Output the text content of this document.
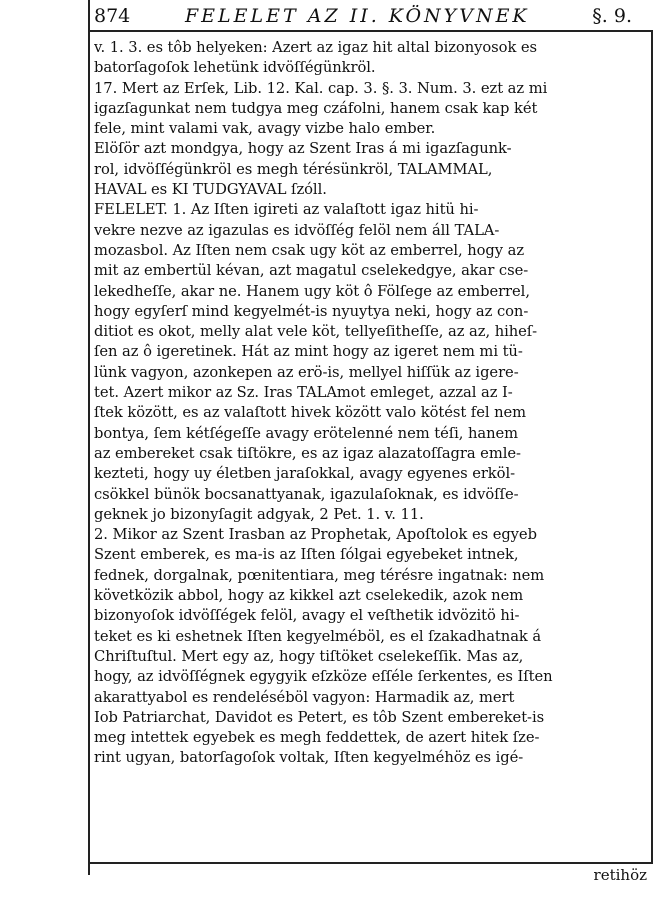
874	FELELET AZ II. KÖNYVNEK	§. 9.
v. 1. 3. es tôb helyeken: Azert az igaz hit altal bizonyosok es
batorſagoſok lehetünk idvöſſégünkröl.
17. Mert az Erſek, Lib. 12. Kal. cap. 3. §. 3. Num. 3. ezt az mi
igazſagunkat nem tudgya meg czáfolni, hanem csak kap két
fele, mint valami vak, avagy vizbe halo ember.
Elöſör azt mondgya, hogy az Szent Iras á mi igazſagunk-
rol, idvöſſégünkröl es megh térésünkröl, TALAMMAL,
HAVAL es KI TUDGYAVAL ſzóll.
FELELET. 1. Az Iſten igireti az valaſtott igaz hitü hi-
vekre nezve az igazulas es idvöſſég felöl nem áll TALA-
mozasbol. Az Iſten nem csak ugy köt az emberrel, hogy az
mit az embertül kévan, azt magatul cselekedgye, akar cse-
lekedheſſe, akar ne. Hanem ugy köt ô Fölſege az emberrel,
hogy egyſerſ mind kegyelmét-is nyuytya neki, hogy az con-
ditiot es okot, melly alat vele köt, tellyeſitheſſe, az az, hiheſ-
ſen az ô igeretinek. Hát az mint hogy az igeret nem mi tü-
lünk vagyon, azonkepen az erö-is, mellyel hiſſük az igere-
tet. Azert mikor az Sz. Iras TALAmot emleget, azzal az I-
ſtek között, es az valaſtott hivek között valo kötést fel nem
bontya, ſem kétſégeſſe avagy erötelenné nem téſi, hanem
az embereket csak tiſtökre, es az igaz alazatoſſagra emle-
kezteti, hogy uy életben jaraſokkal, avagy egyenes erköl-
csökkel bünök bocsanattyanak, igazulaſoknak, es idvöſſe-
geknek jo bizonyſagit adgyak, 2 Pet. 1. v. 11.
2. Mikor az Szent Irasban az Prophetak, Apoſtolok es egyeb
Szent emberek, es ma-is az Iſten ſólgai egyebeket intnek,
fednek, dorgalnak, pœnitentiara, meg térésre ingatnak: nem
követközik abbol, hogy az kikkel azt cselekedik, azok nem
bizonyoſok idvöſſégek felöl, avagy el veſthetik idvözitö hi-
teket es ki eshetnek Iſten kegyelméböl, es el ſzakadhatnak á
Chriſtuſtul. Mert egy az, hogy tiſtöket cselekeſſik. Mas az,
hogy, az idvöſſégnek egygyik eſzköze eſſéle ſerkentes, es Iſten
akarattyabol es rendeléséböl vagyon: Harmadik az, mert
Iob Patriarchat, Davidot es Petert, es tôb Szent embereket-is
meg intettek egyebek es megh feddettek, de azert hitek ſze-
rint ugyan, batorſagoſok voltak, Iſten kegyelméhöz es igé-
retihöz
